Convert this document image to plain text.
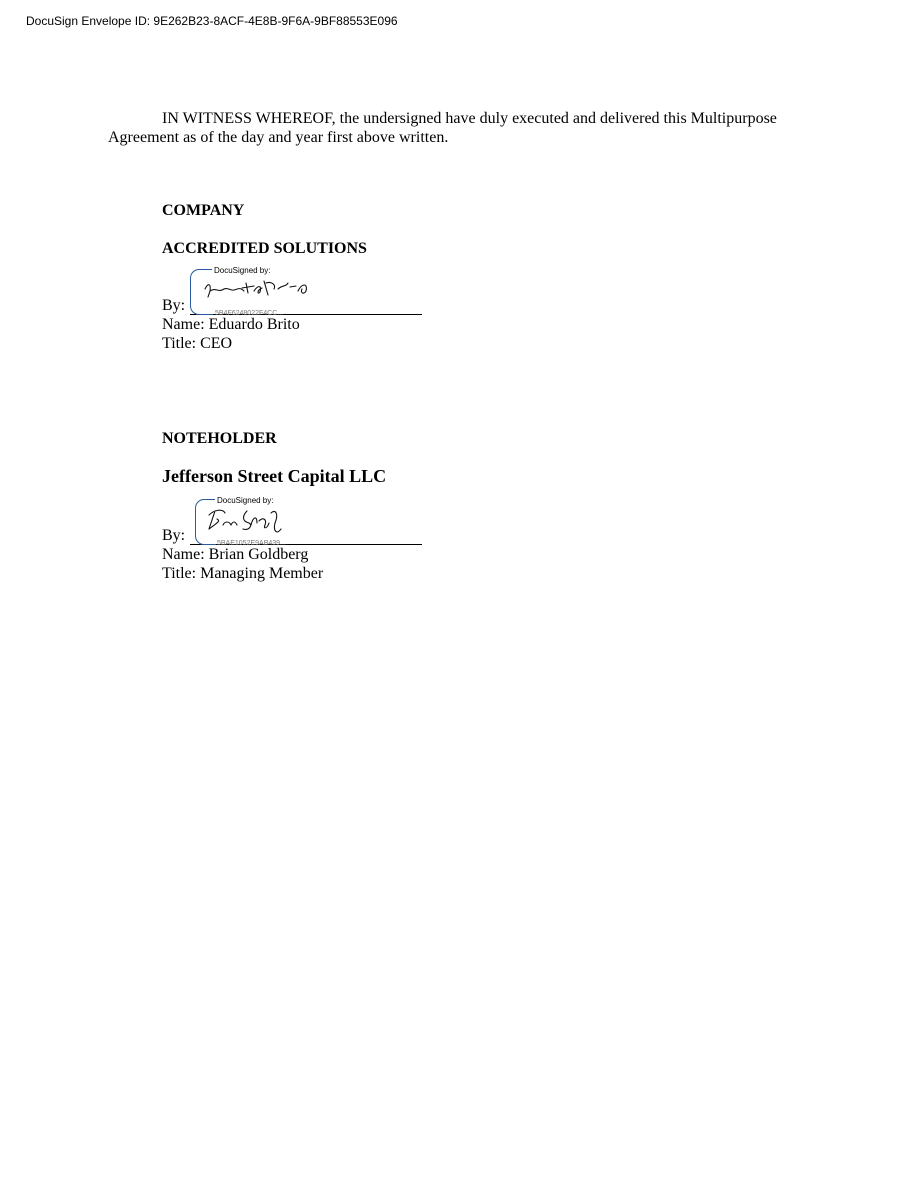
DocuSign Envelope ID: 9E262B23-8ACF-4E8B-9F6A-9BF88553E096

IN WITNESS WHEREOF, the undersigned have duly executed and delivered this Multipurpose Agreement as of the day and year first above written.

COMPANY
ACCREDITED SOLUTIONS
By:
DocuSigned by:
5B4F6248022F4CC...
Name: Eduardo Brito
Title: CEO
NOTEHOLDER
Jefferson Street Capital LLC
By:
DocuSigned by:
5BAE1052E9AB439...
Name: Brian Goldberg
Title: Managing Member
